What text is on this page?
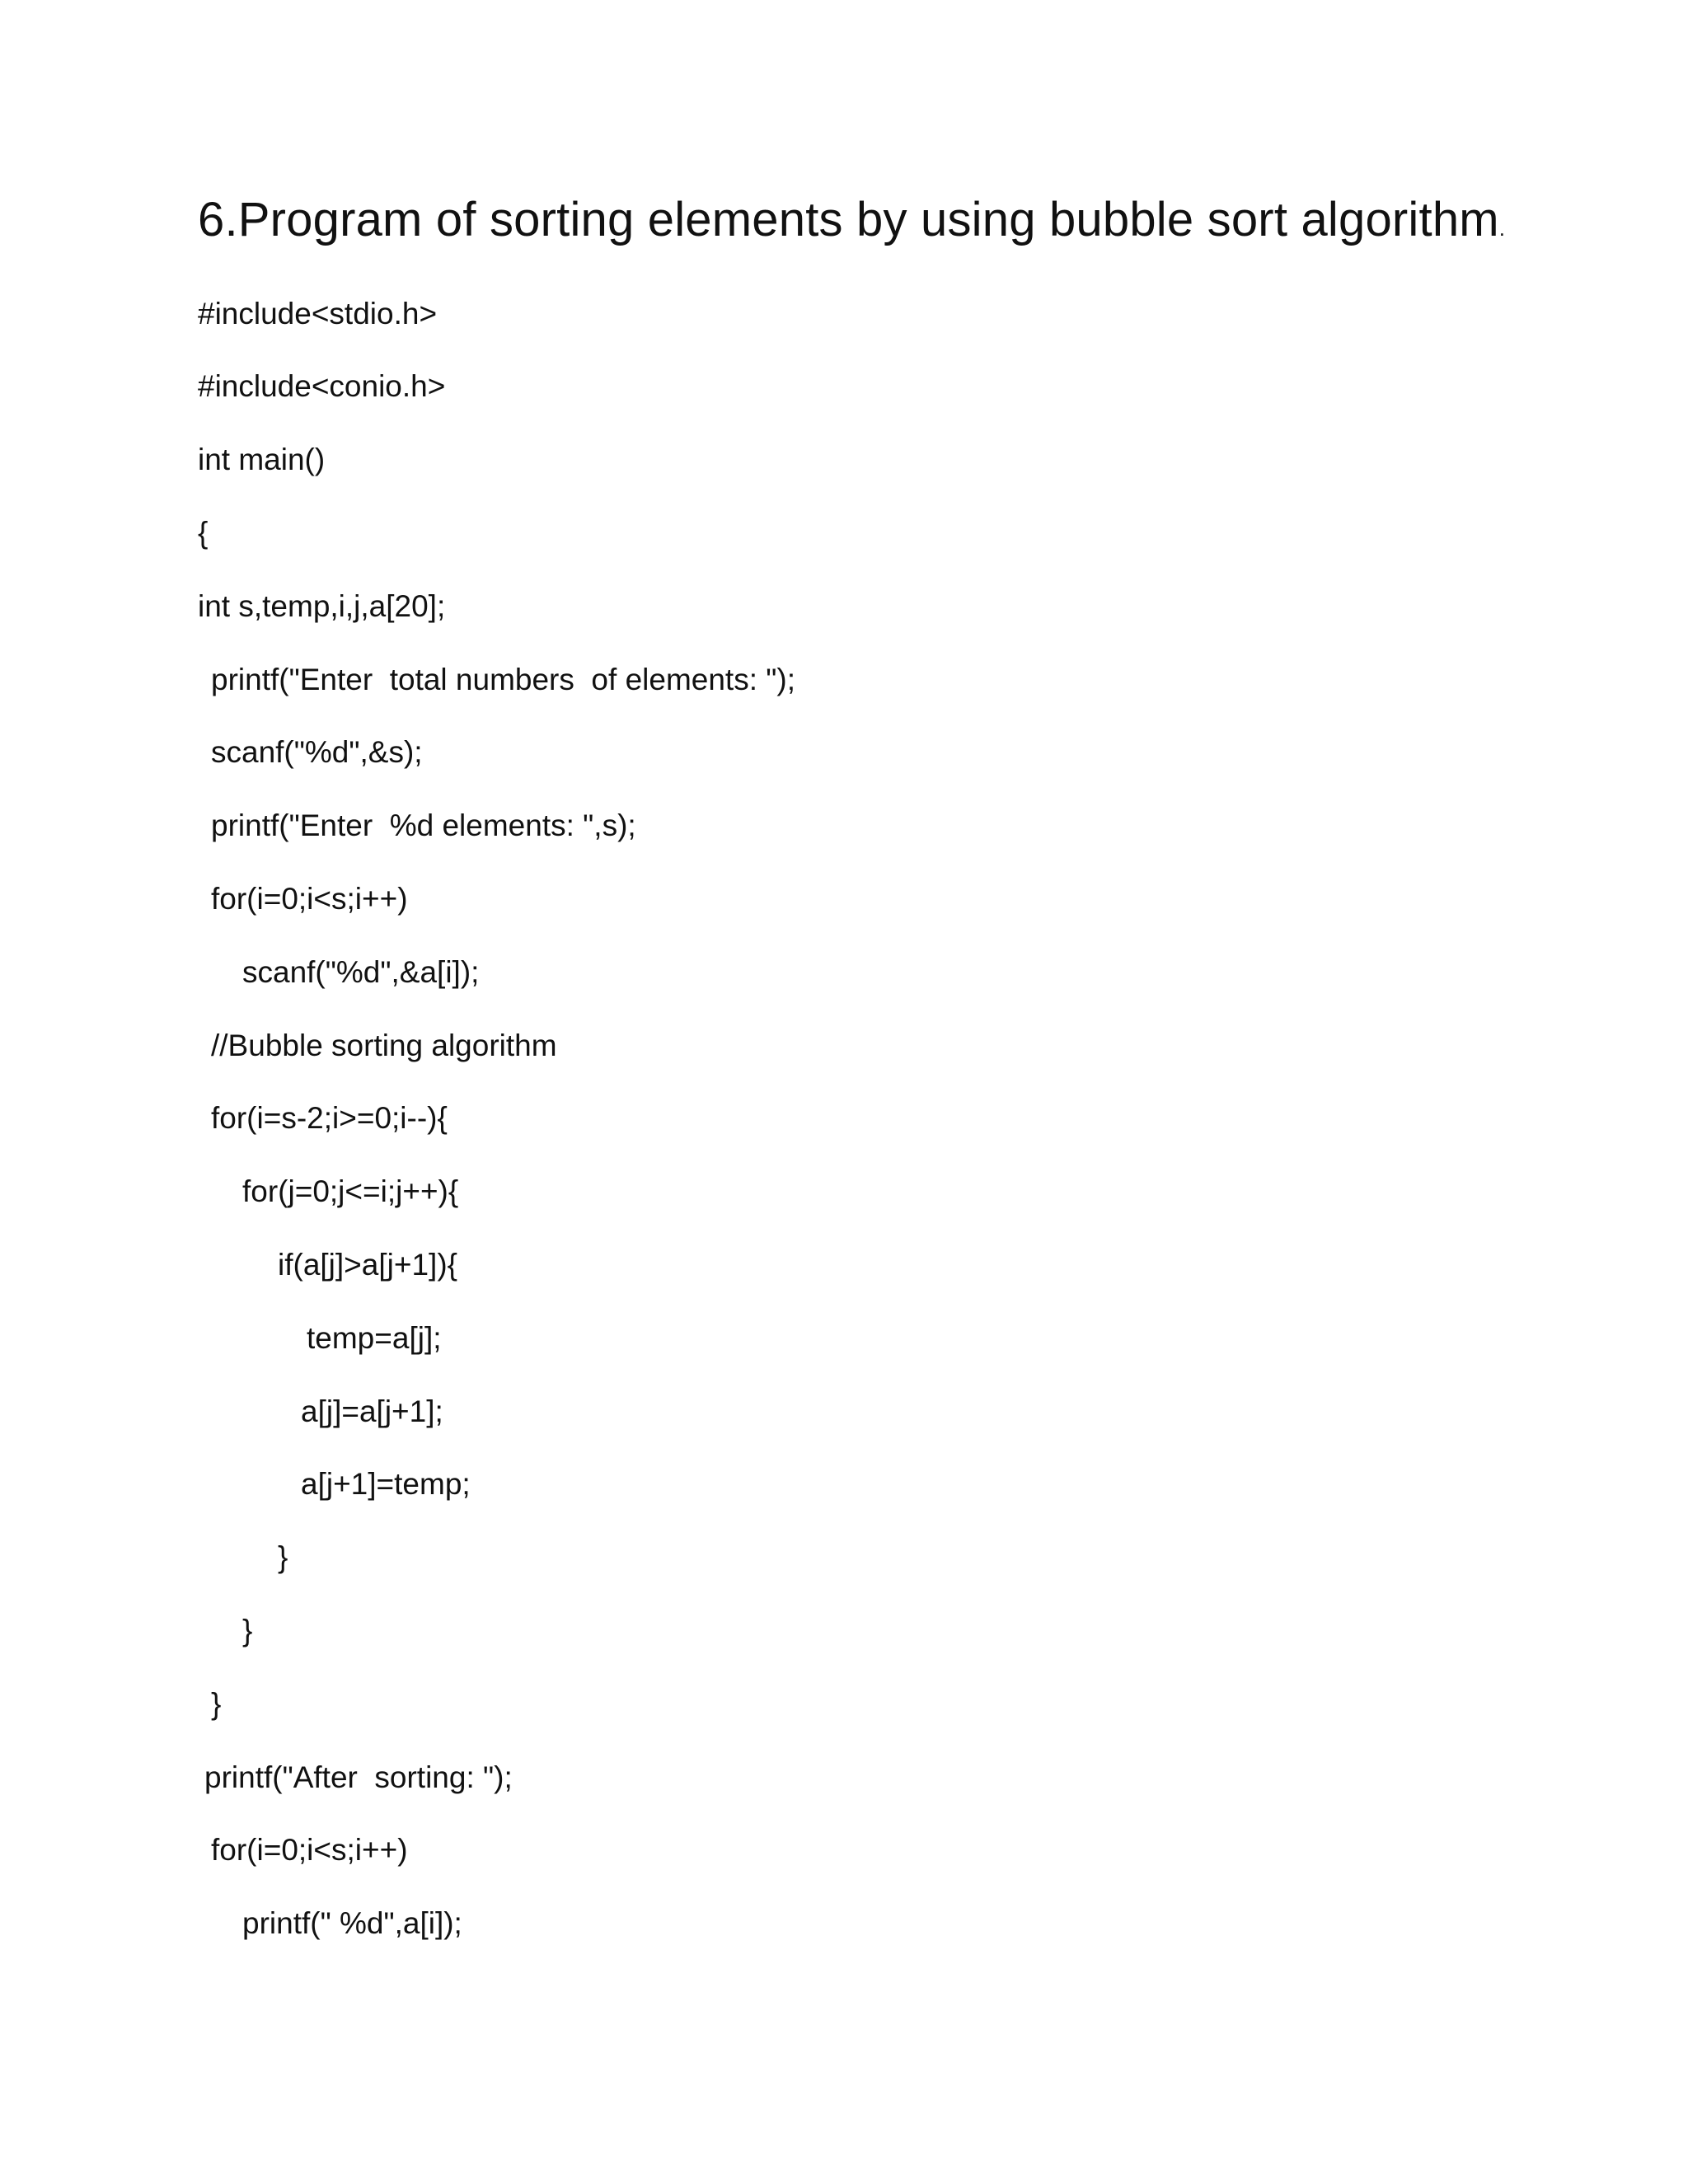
6.Program of sorting elements by using bubble sort algorithm.
#include<stdio.h>
#include<conio.h>
int main()
{
int s,temp,i,j,a[20];
printf("Enter  total numbers  of elements: ");
scanf("%d",&s);
printf("Enter  %d elements: ",s);
for(i=0;i<s;i++)
scanf("%d",&a[i]);
//Bubble sorting algorithm
for(i=s-2;i>=0;i--){
for(j=0;j<=i;j++){
if(a[j]>a[j+1]){
temp=a[j];
a[j]=a[j+1];
a[j+1]=temp;
}
}
}
printf("After  sorting: ");
for(i=0;i<s;i++)
printf(" %d",a[i]);
